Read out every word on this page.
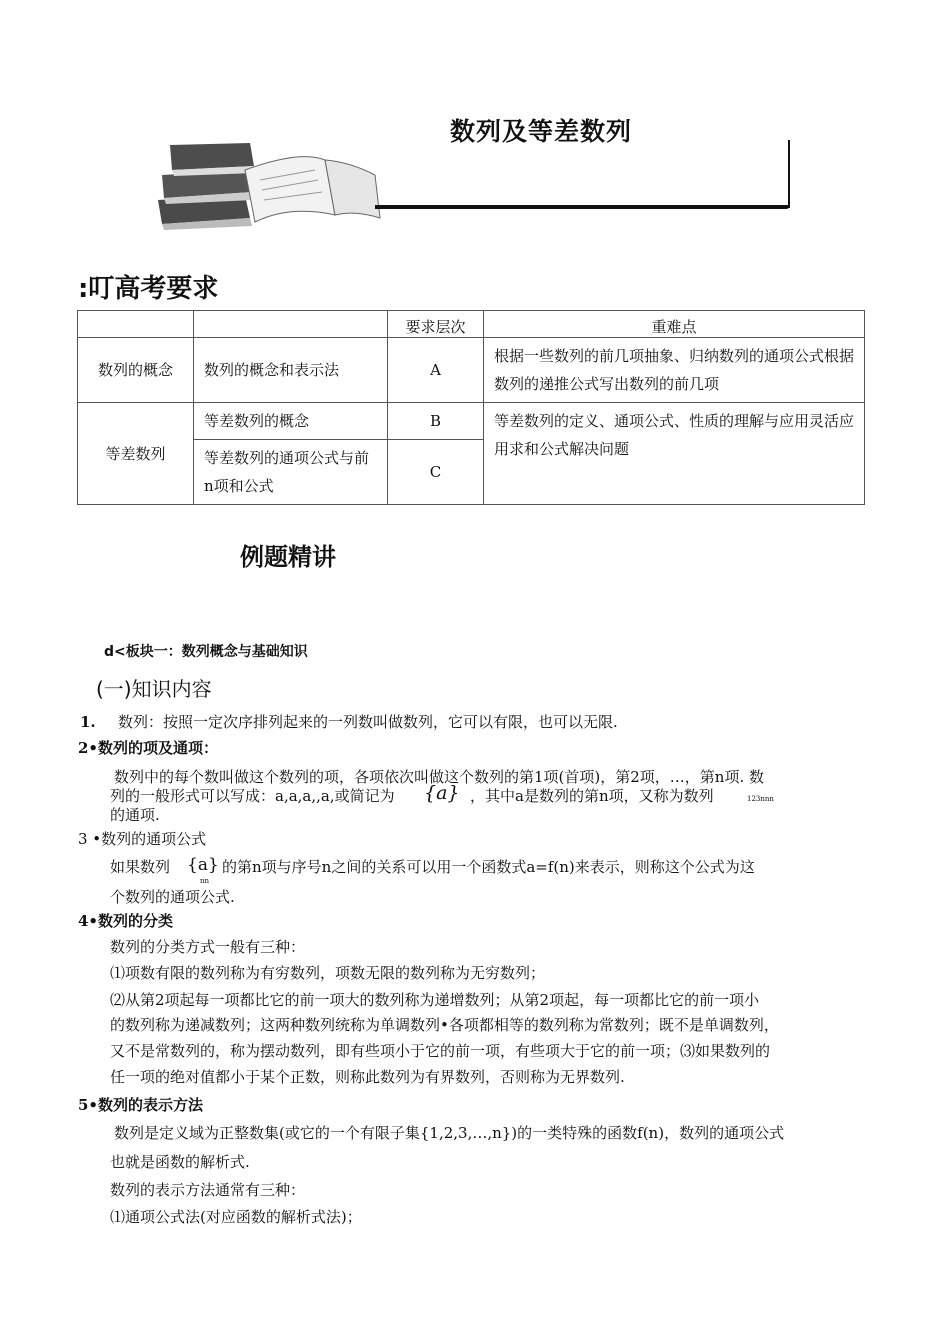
数列及等差数列
:叮高考要求
		要求层次	重难点
数列的概念	数列的概念和表示法	A	根据一些数列的前几项抽象、归纳数列的通项公式根据数列的递推公式写出数列的前几项
等差数列	等差数列的概念	B	等差数列的定义、通项公式、性质的理解与应用灵活应用求和公式解决问题
	等差数列的通项公式与前n项和公式	C	
例题精讲
d<板块一：数列概念与基础知识
(一)知识内容
1. 数列：按照一定次序排列起来的一列数叫做数列，它可以有限，也可以无限.
2•数列的项及通项：
数列中的每个数叫做这个数列的项，各项依次叫做这个数列的第1项(首项)，第2项，…，第n项. 数
列的一般形式可以写成：a,a,a,,a,或简记为 {a} ，其中a是数列的第n项，又称为数列	123nnn
的通项.
3 •数列的通项公式
如果数列 {a}
nn
的第n项与序号n之间的关系可以用一个函数式a=f(n)来表示，则称这个公式为这
个数列的通项公式.
4•数列的分类
数列的分类方式一般有三种：
⑴项数有限的数列称为有穷数列，项数无限的数列称为无穷数列；
⑵从第2项起每一项都比它的前一项大的数列称为递增数列；从第2项起，每一项都比它的前一项小
的数列称为递减数列；这两种数列统称为单调数列•各项都相等的数列称为常数列；既不是单调数列，
又不是常数列的，称为摆动数列，即有些项小于它的前一项，有些项大于它的前一项；⑶如果数列的
任一项的绝对值都小于某个正数，则称此数列为有界数列，否则称为无界数列.
5•数列的表示方法
数列是定义域为正整数集(或它的一个有限子集{1,2,3,…,n})的一类特殊的函数f(n)，数列的通项公式
也就是函数的解析式.
数列的表示方法通常有三种：
⑴通项公式法(对应函数的解析式法)；
